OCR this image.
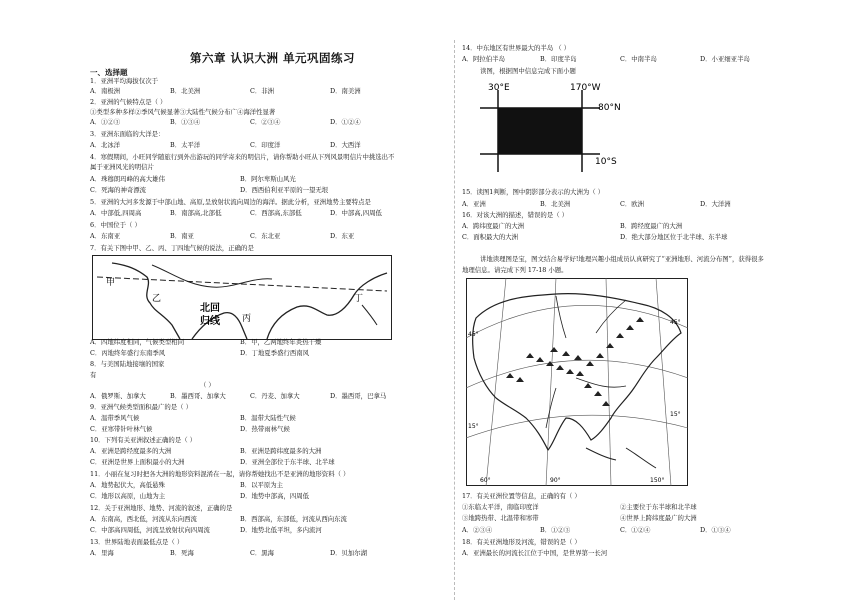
第六章 认识大洲 单元巩固练习
一、选择题
1．亚洲平均海拔仅次于
A．南极洲	B．北美洲	C．非洲	D．南美洲
2．亚洲的气候特点是（ ）
①类型多种多样②季风气候显著③大陆性气候分布广④海洋性显著
A．①②③	B．①③④	C．②③④	D．①②④
3．亚洲东面临的大洋是：
A．北冰洋	B．太平洋	C．印度洋	D．大西洋
4．寒假期间，小旺同学随旅行到外出游玩的同学寄来的明信片，请你帮助小旺从下列风景明信片中挑选出不
属于亚洲风光的明信片
A．珠穆朗玛峰的高大雄伟	B．阿尔卑斯山风光
C．死海的神奇漂流	D．西西伯利亚平原的一望无垠
5．亚洲的大河多发源于中部山地、高原,呈放射状流向周边的海洋。据此分析，亚洲地势主要特点是
A．中部低,四周高	B．南部高,北部低	C．西部高,东部低	D．中部高,四周低
6．中国位于（ ）
A．东南亚	B．南亚	C．东北亚	D．东亚
7．有关下图中甲、乙、丙、丁四地气候的说法，正确的是
甲
乙
丙
丁
北回
归线
A．四地纬度相同，气候类型相同	B．甲，乙两地终年炎热干燥
C．丙地终年盛行东南季风	D．丁地夏季盛行西南风
8．与美国陆地接壤的国家
有
（ ）
A．俄罗斯、加拿大	B．墨西哥、加拿大	C．丹麦、加拿大	D．墨西哥，巴拿马
9．亚洲气候类型面积最广的是（ ）
A．温带季风气候	B．温带大陆性气候
C．亚寒带针叶林气候	D．热带雨林气候
10．下列有关亚洲叙述正确的是（ ）
A．亚洲是跨经度最多的大洲	B．亚洲是跨纬度最多的大洲
C．亚洲是世界上面积最小的大洲	D．亚洲全部位于东半球、北半球
11．小丽在复习时把各大洲的地形资料混淆在一起，请你帮她找出不是亚洲的地形资料（ ）
A．地势起伏大，高低悬殊	B．以平原为主
C．地形以高原，山地为主	D．地势中部高，四周低
12．关于亚洲地形、地势、河流的叙述，正确的是
A．东南高，西北低，河流从东向西流	B．西部高，东部低，河流从西向东流
C．中部高四周低，河流呈放射状向四周流	D．地势北低平坦，多内流河
13．世界陆地表面最低点是（ ）
A．里海	B．死海	C．黑海	D．贝加尔湖
14．中东地区有世界最大的半岛 （ ）
A．阿拉伯半岛	B．印度半岛	C．中南半岛	D．小亚细亚半岛
读图，根据图中信息完成下面小题
30°E	170°W
80°N
10°S
15．读图1判断，图中阴影部分表示的大洲为（ ）
A．亚洲	B．北美洲	C．欧洲	D．大洋洲
16．对该大洲的描述，错误的是（ ）
A．跨纬度最广的大洲	B．跨经度最广的大洲
C．面积最大的大洲	D．绝大部分地区位于北半球、东半球
讲地读理图是宝，图文结合易学好!地理兴趣小组成员认真研究了“亚洲地形、河流分布图”，获得很多
地理信息。请完成下列 17-18 小题。
45°
45°
15°
15°
60°	90°	150°
17．有关亚洲位置等信息，正确的有（ ）
①东临太平洋，南临印度洋	②主要位于东半球和北半球
③地跨热带、北温带和寒带	④世界上跨纬度最广的大洲
A．②③④	B．①②③	C．①②④	D．①③④
18．有关亚洲地形及河流，错误的是（ ）
A．亚洲最长的河流长江位于中国，是世界第一长河
